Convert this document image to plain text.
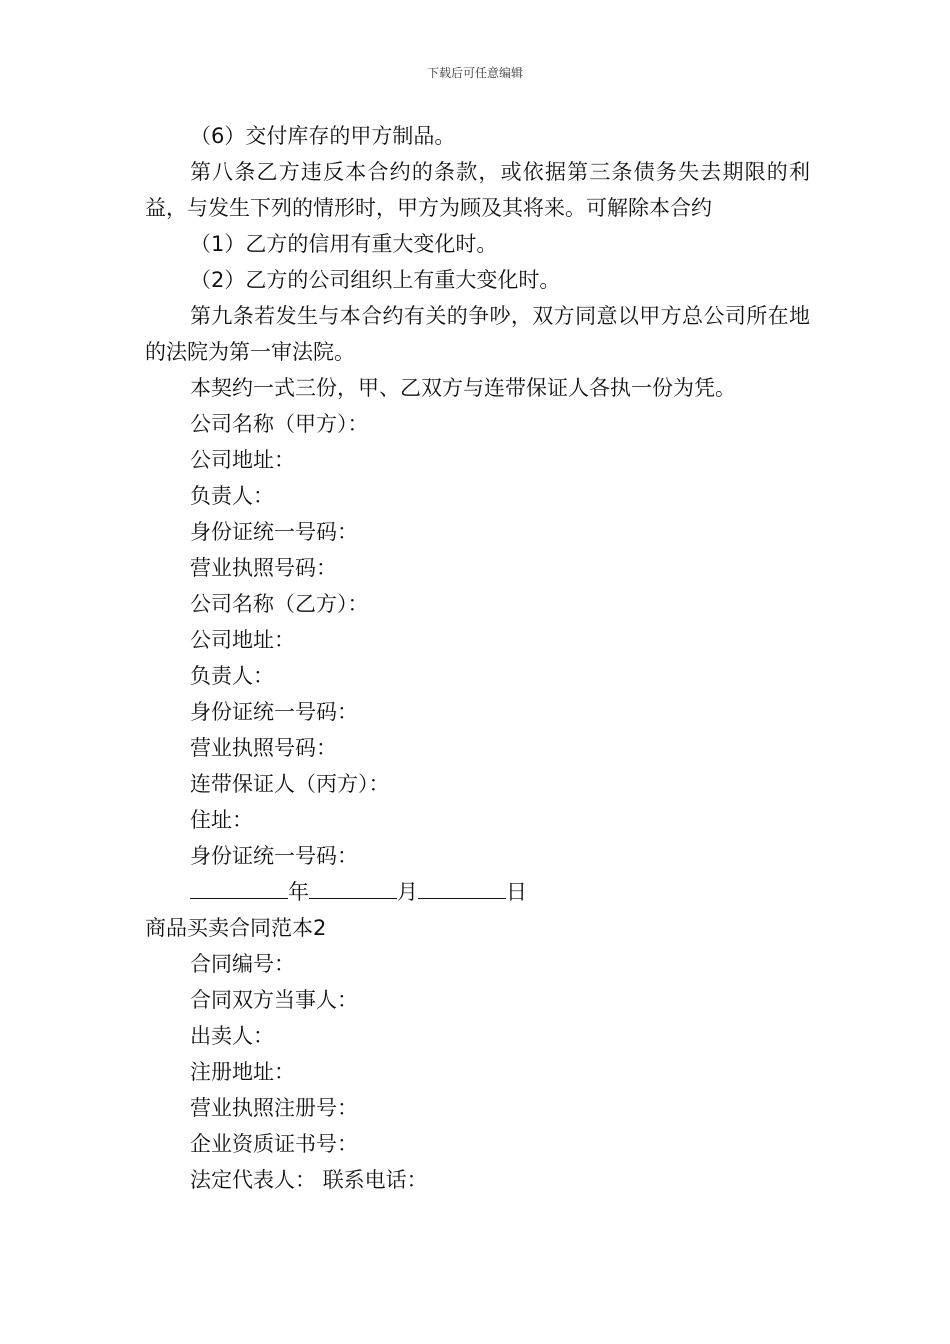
下载后可任意编辑

（6）交付库存的甲方制品。

第八条乙方违反本合约的条款，或依据第三条债务失去期限的利益，与发生下列的情形时，甲方为顾及其将来。可解除本合约

（1）乙方的信用有重大变化时。

（2）乙方的公司组织上有重大变化时。

第九条若发生与本合约有关的争吵，双方同意以甲方总公司所在地的法院为第一审法院。

本契约一式三份，甲、乙双方与连带保证人各执一份为凭。

公司名称（甲方）：

公司地址：

负责人：

身份证统一号码：

营业执照号码：

公司名称（乙方）：

公司地址：

负责人：

身份证统一号码：

营业执照号码：

连带保证人（丙方）：

住址：

身份证统一号码：

年	月	日

商品买卖合同范本2

合同编号：

合同双方当事人：

出卖人：

注册地址：

营业执照注册号：

企业资质证书号：

法定代表人： 联系电话：
